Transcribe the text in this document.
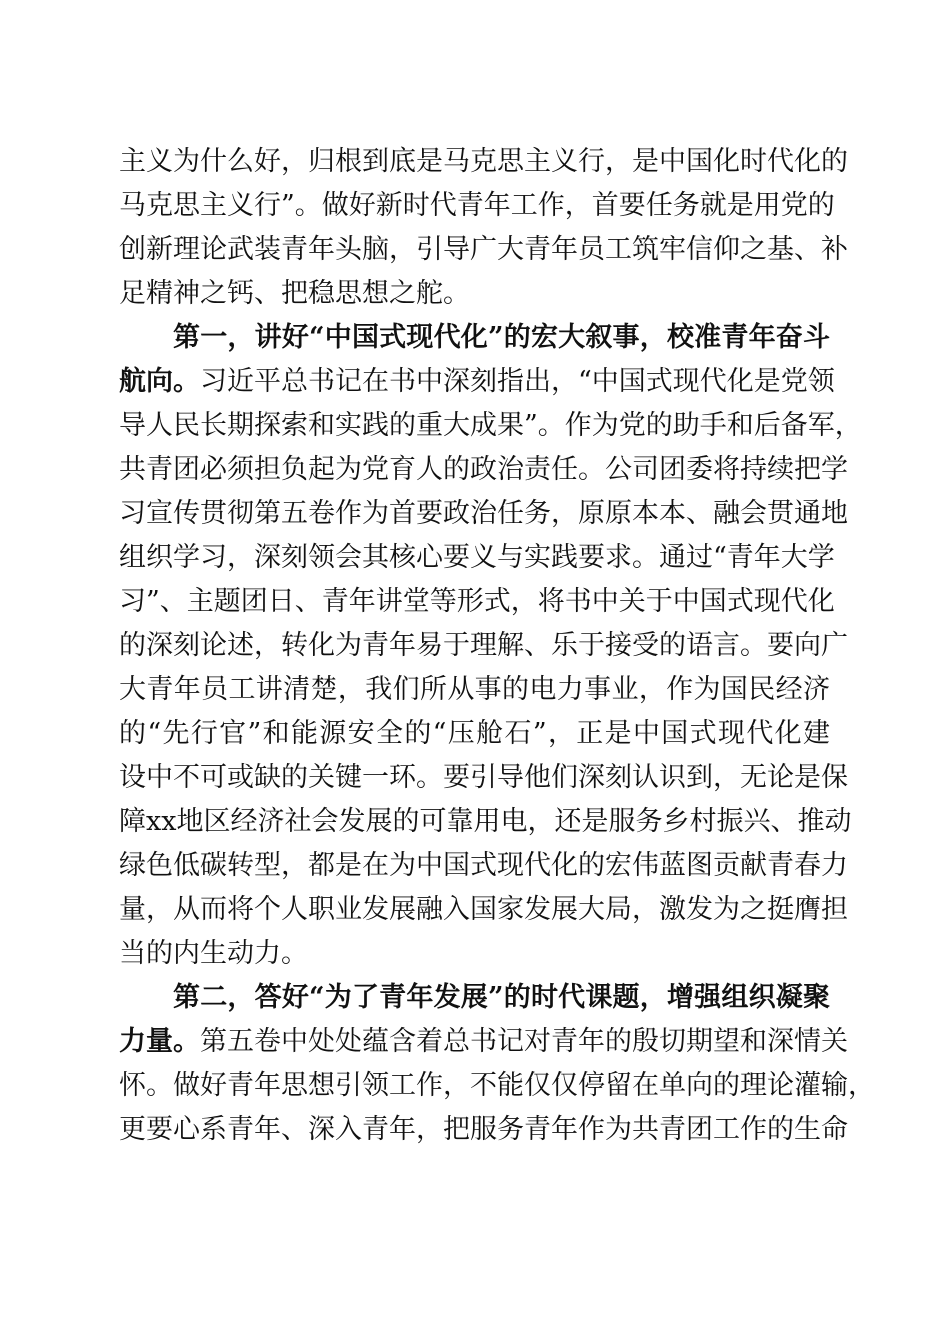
主义为什么好，归根到底是马克思主义行，是中国化时代化的
马克思主义行”。做好新时代青年工作，首要任务就是用党的
创新理论武装青年头脑，引导广大青年员工筑牢信仰之基、补
足精神之钙、把稳思想之舵。
第一，讲好“中国式现代化”的宏大叙事，校准青年奋斗
航向。习近平总书记在书中深刻指出，“中国式现代化是党领
导人民长期探索和实践的重大成果”。作为党的助手和后备军，
共青团必须担负起为党育人的政治责任。公司团委将持续把学
习宣传贯彻第五卷作为首要政治任务，原原本本、融会贯通地
组织学习，深刻领会其核心要义与实践要求。通过“青年大学
习”、主题团日、青年讲堂等形式，将书中关于中国式现代化
的深刻论述，转化为青年易于理解、乐于接受的语言。要向广
大青年员工讲清楚，我们所从事的电力事业，作为国民经济
的“先行官”和能源安全的“压舱石”，正是中国式现代化建
设中不可或缺的关键一环。要引导他们深刻认识到，无论是保
障xx地区经济社会发展的可靠用电，还是服务乡村振兴、推动
绿色低碳转型，都是在为中国式现代化的宏伟蓝图贡献青春力
量，从而将个人职业发展融入国家发展大局，激发为之挺膺担
当的内生动力。
第二，答好“为了青年发展”的时代课题，增强组织凝聚
力量。第五卷中处处蕴含着总书记对青年的殷切期望和深情关
怀。做好青年思想引领工作，不能仅仅停留在单向的理论灌输，
更要心系青年、深入青年，把服务青年作为共青团工作的生命
